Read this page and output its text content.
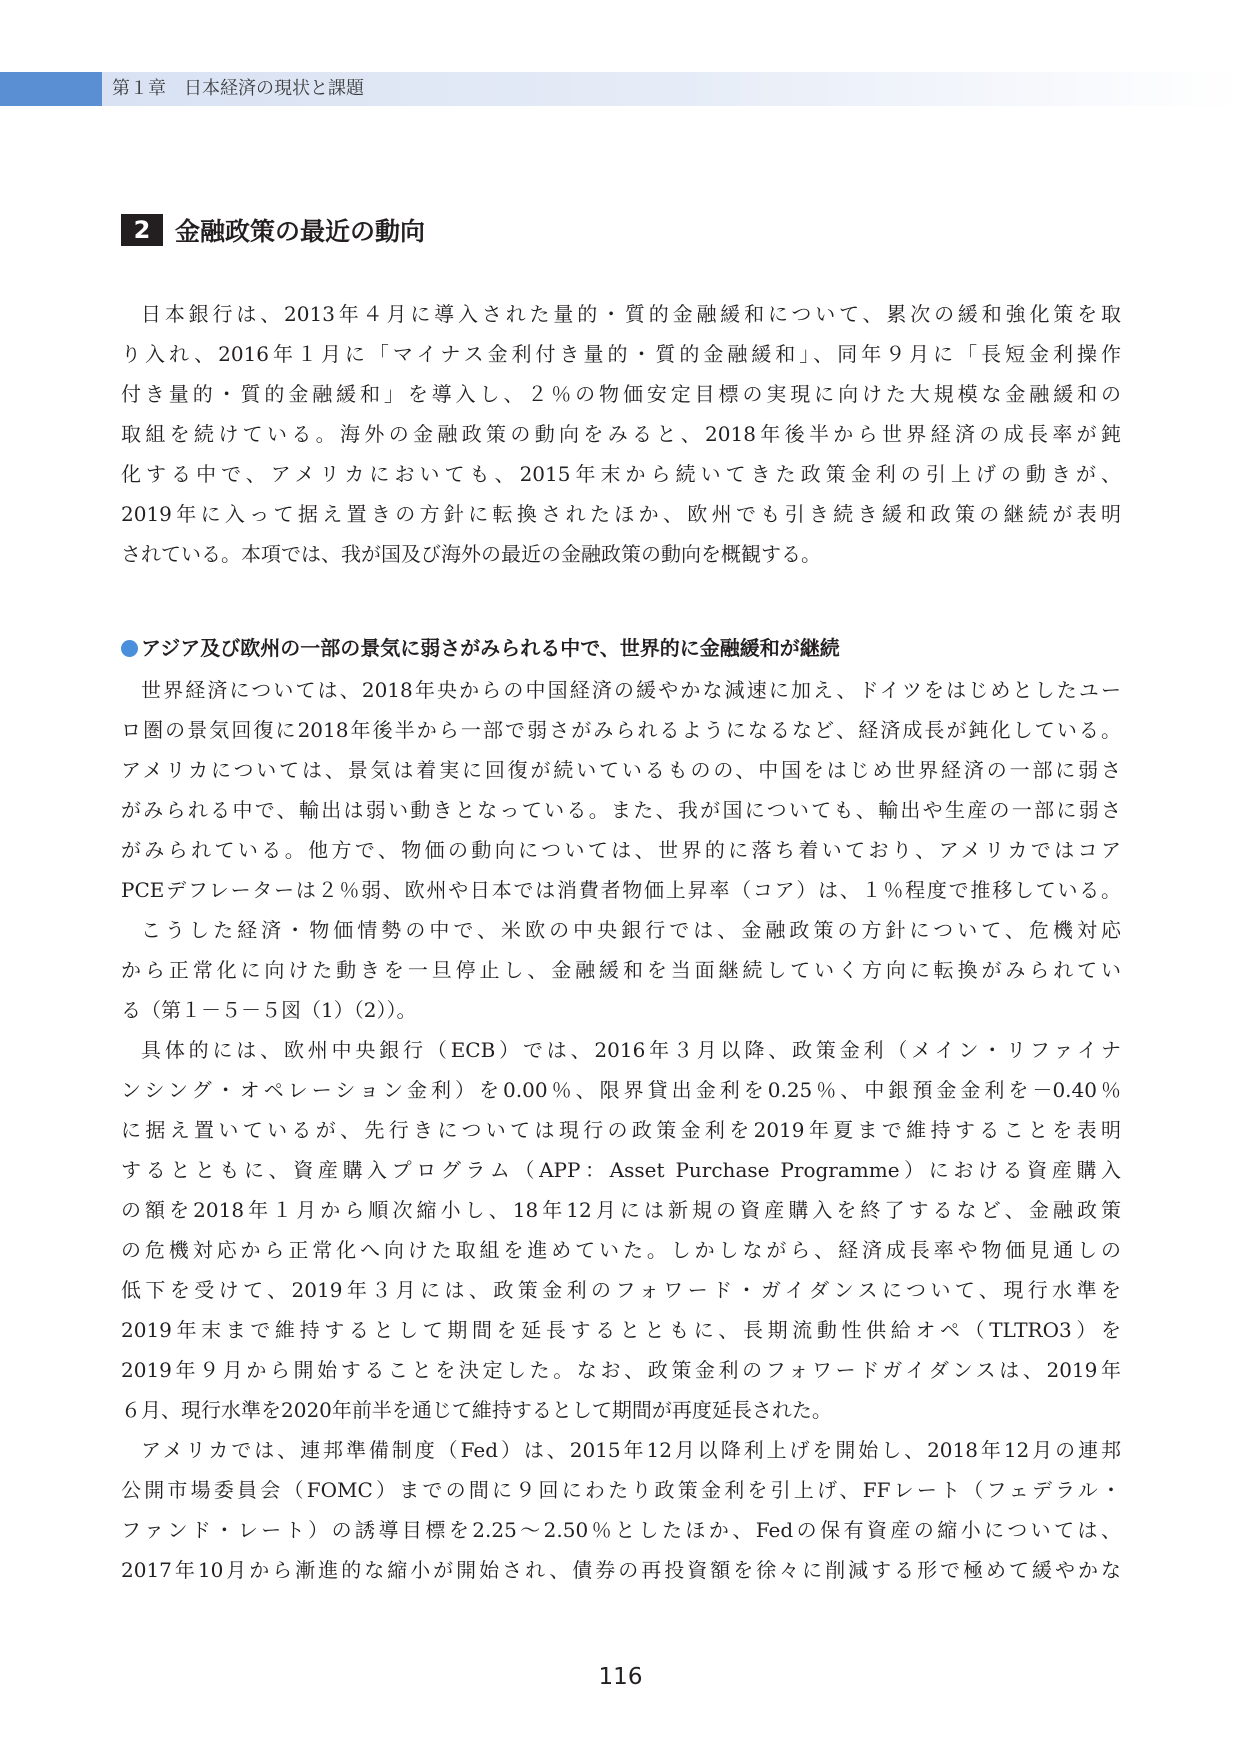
第１章　日本経済の現状と課題
2 金融政策の最近の動向
日本銀行は、2013年４月に導入された量的・質的金融緩和について、累次の緩和強化策を取
り入れ、2016年１月に「マイナス金利付き量的・質的金融緩和」、同年９月に「長短金利操作
付き量的・質的金融緩和」を導入し、２％の物価安定目標の実現に向けた大規模な金融緩和の
取組を続けている。海外の金融政策の動向をみると、2018年後半から世界経済の成長率が鈍
化する中で、アメリカにおいても、2015年末から続いてきた政策金利の引上げの動きが、
2019年に入って据え置きの方針に転換されたほか、欧州でも引き続き緩和政策の継続が表明
されている。本項では、我が国及び海外の最近の金融政策の動向を概観する。
アジア及び欧州の一部の景気に弱さがみられる中で、世界的に金融緩和が継続
世界経済については、2018年央からの中国経済の緩やかな減速に加え、ドイツをはじめとしたユー
ロ圏の景気回復に2018年後半から一部で弱さがみられるようになるなど、経済成長が鈍化している。
アメリカについては、景気は着実に回復が続いているものの、中国をはじめ世界経済の一部に弱さ
がみられる中で、輸出は弱い動きとなっている。また、我が国についても、輸出や生産の一部に弱さ
がみられている。他方で、物価の動向については、世界的に落ち着いており、アメリカではコア
PCEデフレーターは２％弱、欧州や日本では消費者物価上昇率（コア）は、１％程度で推移している。
こうした経済・物価情勢の中で、米欧の中央銀行では、金融政策の方針について、危機対応
から正常化に向けた動きを一旦停止し、金融緩和を当面継続していく方向に転換がみられてい
る（第１－５－５図（1）（2））。
具体的には、欧州中央銀行（ECB）では、2016年３月以降、政策金利（メイン・リファイナ
ンシング・オペレーション金利）を0.00％、限界貸出金利を0.25％、中銀預金金利を－0.40％
に据え置いているが、先行きについては現行の政策金利を2019年夏まで維持することを表明
するとともに、資産購入プログラム（APP：Asset Purchase Programme）における資産購入
の額を2018年１月から順次縮小し、18年12月には新規の資産購入を終了するなど、金融政策
の危機対応から正常化へ向けた取組を進めていた。しかしながら、経済成長率や物価見通しの
低下を受けて、2019年３月には、政策金利のフォワード・ガイダンスについて、現行水準を
2019年末まで維持するとして期間を延長するとともに、長期流動性供給オペ（TLTRO3）を
2019年９月から開始することを決定した。なお、政策金利のフォワードガイダンスは、2019年
６月、現行水準を2020年前半を通じて維持するとして期間が再度延長された。
アメリカでは、連邦準備制度（Fed）は、2015年12月以降利上げを開始し、2018年12月の連邦
公開市場委員会（FOMC）までの間に９回にわたり政策金利を引上げ、FFレート（フェデラル・
ファンド・レート）の誘導目標を2.25～2.50％としたほか、Fedの保有資産の縮小については、
2017年10月から漸進的な縮小が開始され、債券の再投資額を徐々に削減する形で極めて緩やかな
116
